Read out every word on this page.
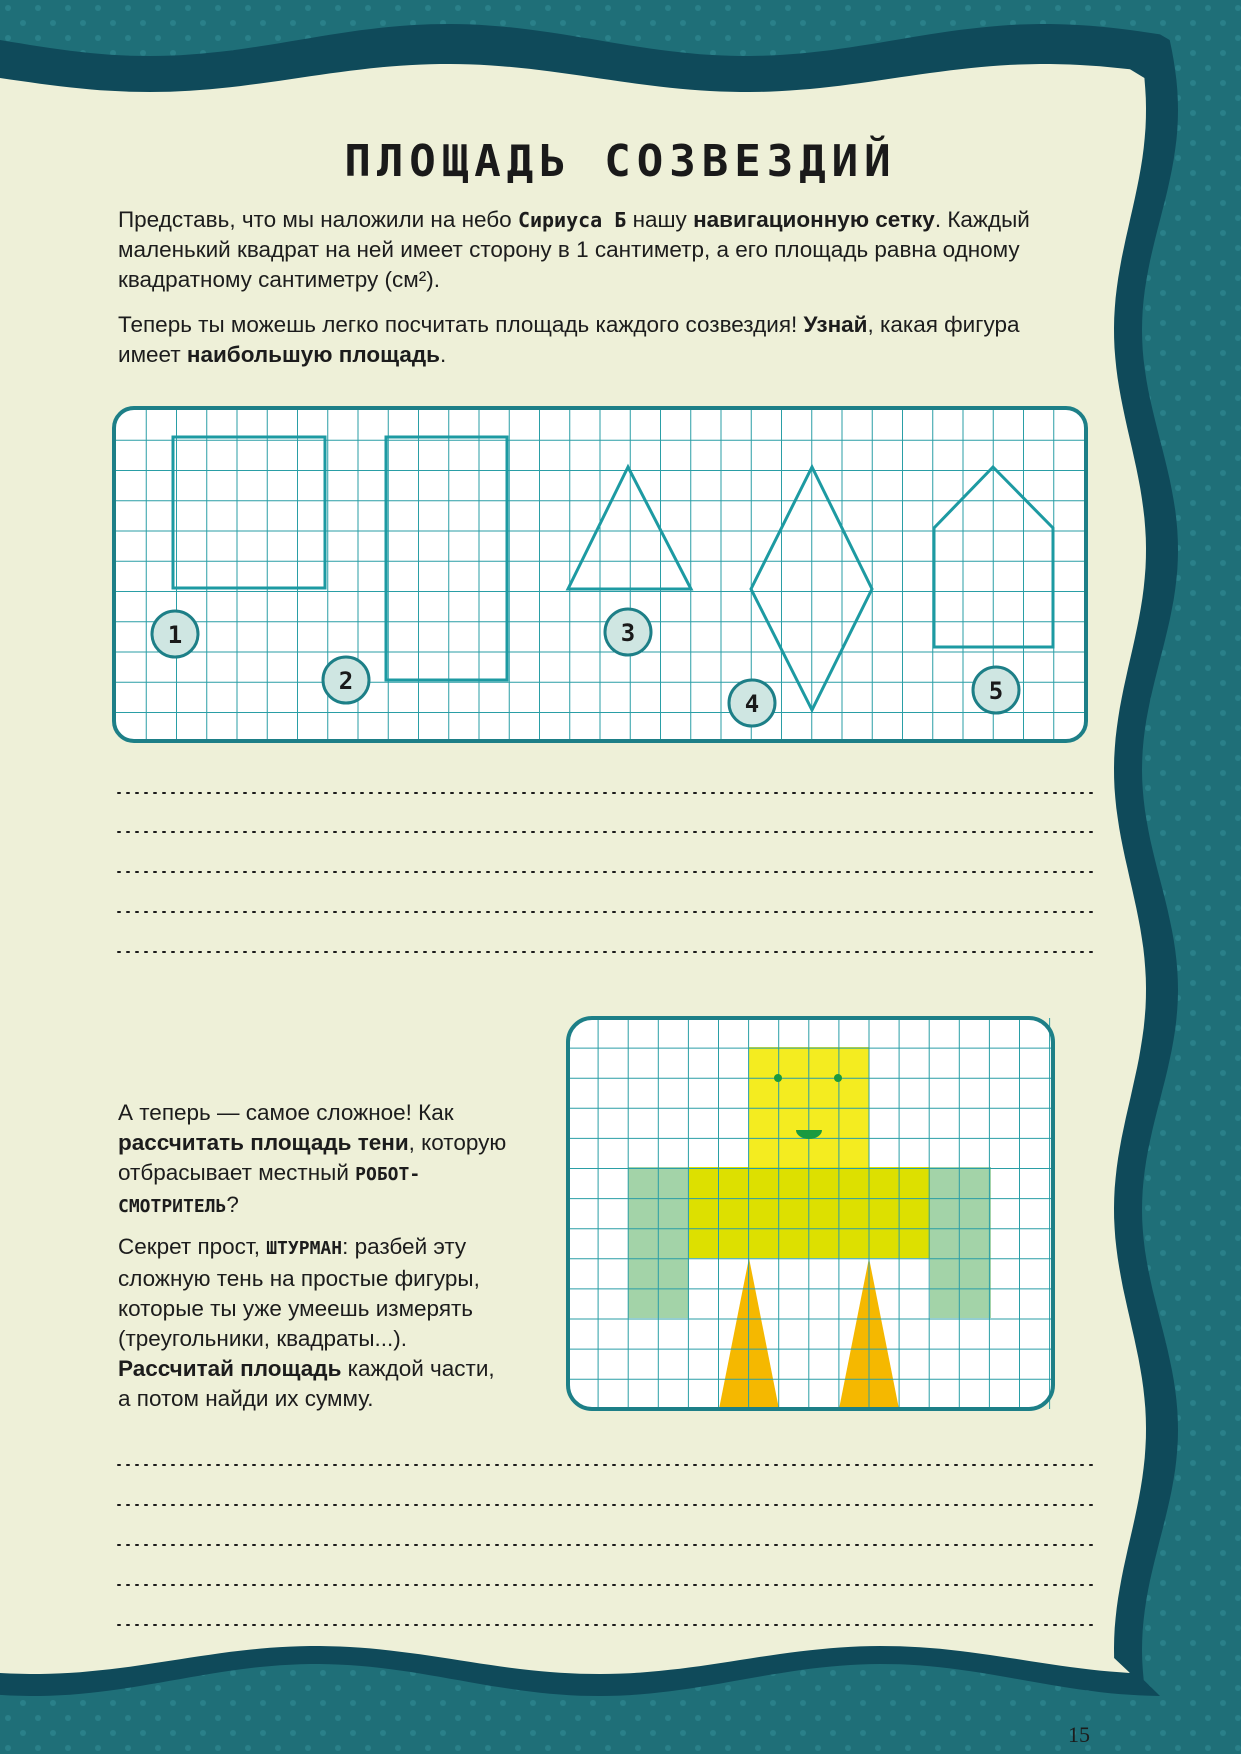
1
2
3
4	5
ПЛОЩАДЬ СОЗВЕЗДИЙ
Представь, что мы наложили на небо Сириуса Б нашу навигационную сетку. Каждый маленький квадрат на ней имеет сторону в 1 сантиметр, а его площадь равна одному квадратному сантиметру (см²).
Теперь ты можешь легко посчитать площадь каждого созвездия! Узнай, какая фигура имеет наибольшую площадь.
А теперь — самое сложное! Как рассчитать площадь тени, которую отбрасывает местный РОБОТ-СМОТРИТЕЛЬ?
Секрет прост, ШТУРМАН: разбей эту сложную тень на простые фигуры, которые ты уже умеешь измерять (треугольники, квадраты...). Рассчитай площадь каждой части, а потом найди их сумму.
15
